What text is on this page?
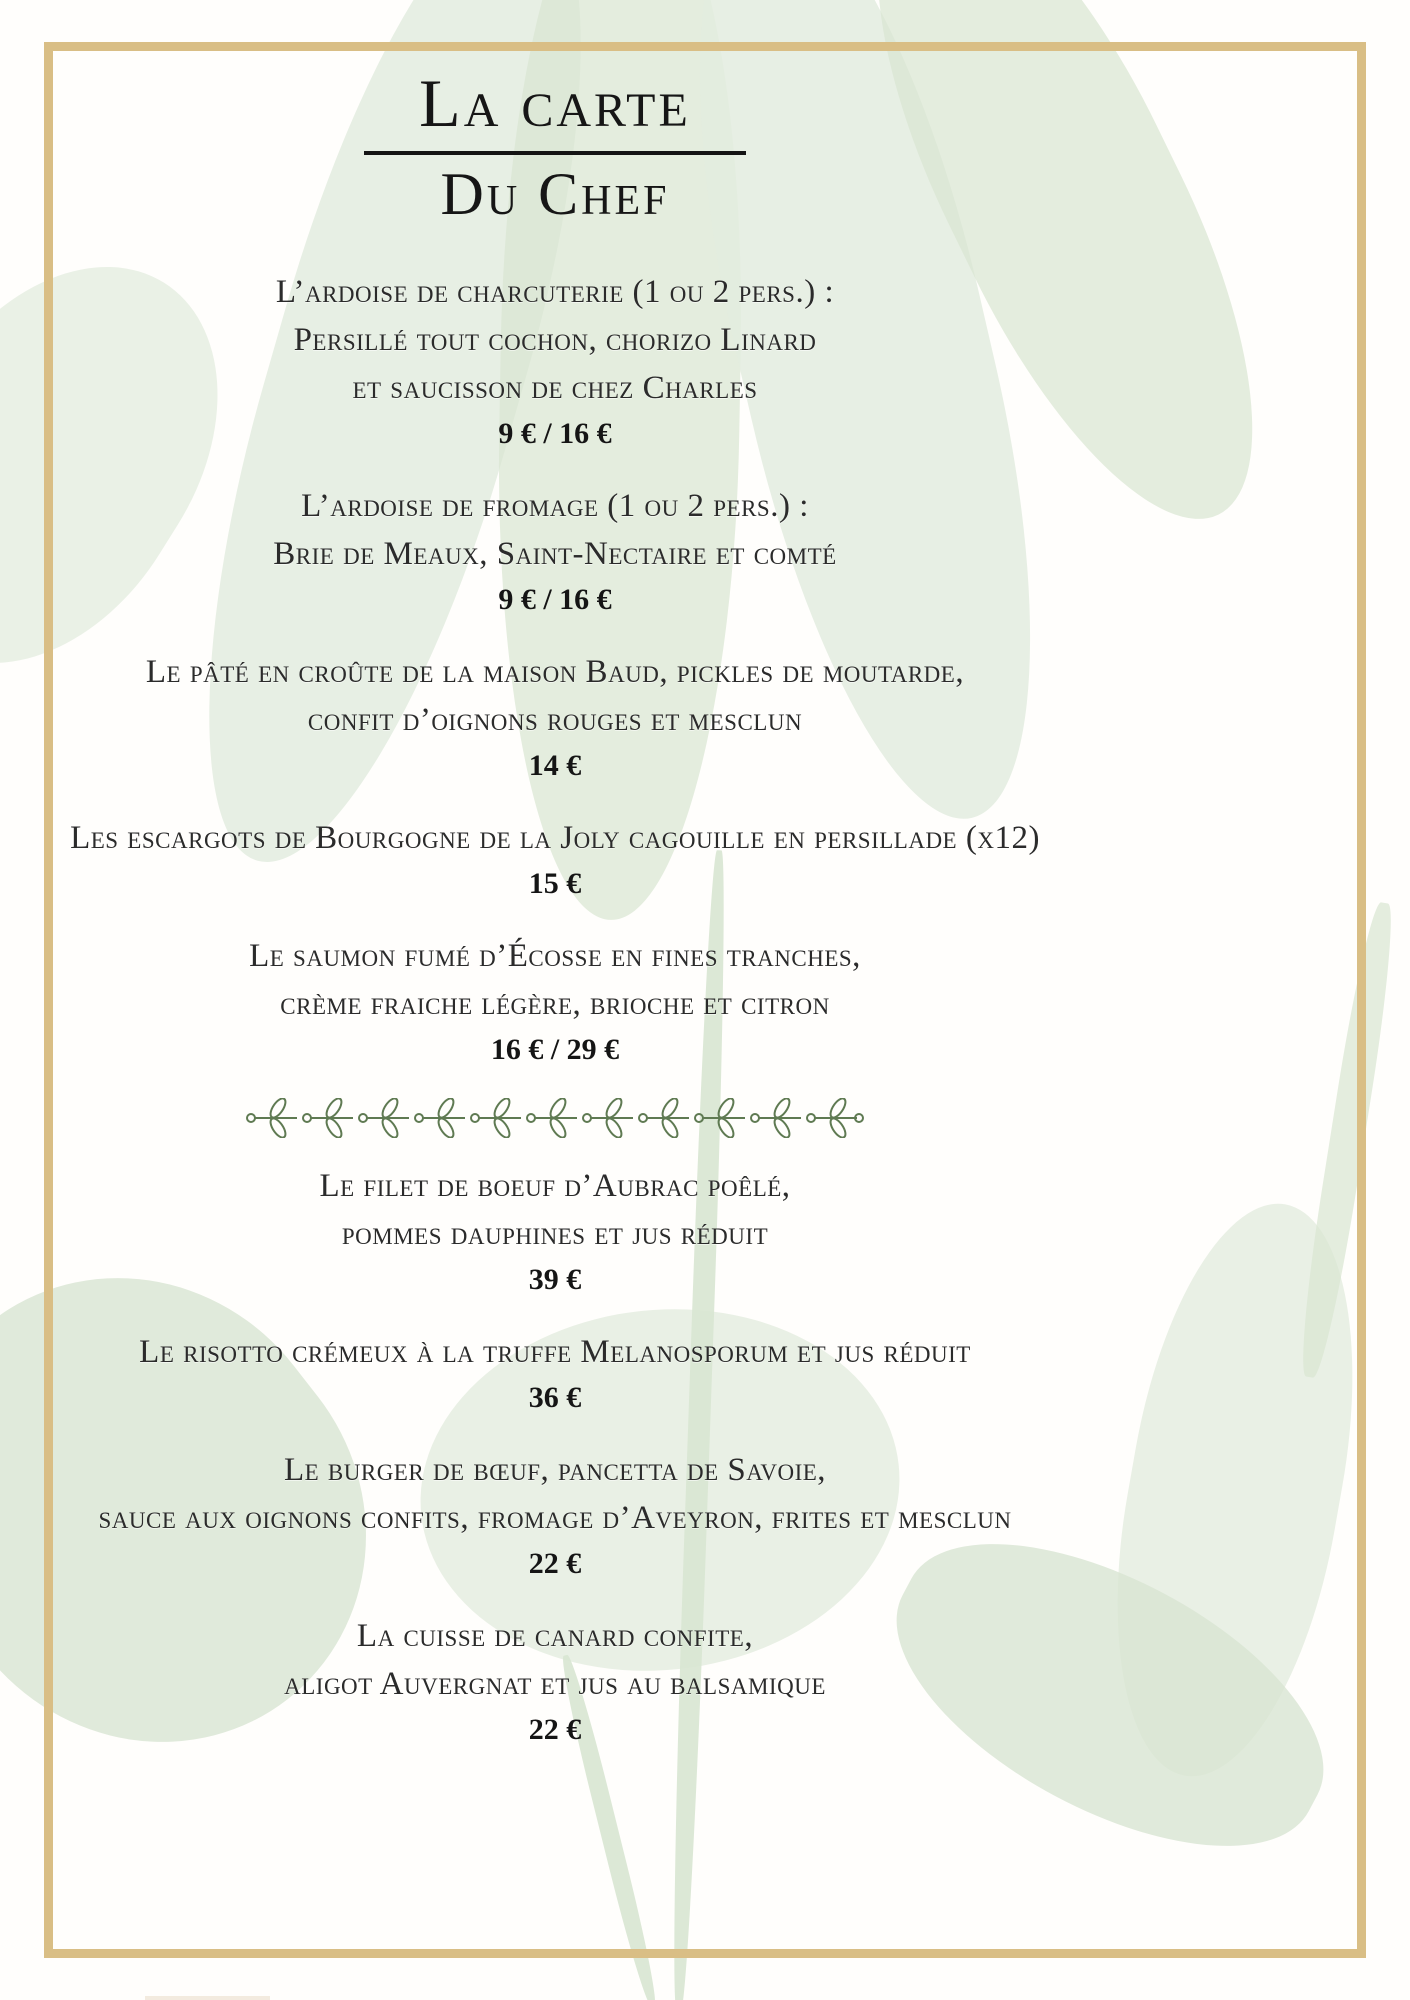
La carte
Du Chef

L’ardoise de charcuterie (1 ou 2 pers.) :

Persillé tout cochon, chorizo Linard

et saucisson de chez Charles

9 € / 16 €

L’ardoise de fromage (1 ou 2 pers.) :

Brie de Meaux, Saint-Nectaire et comté

9 € / 16 €

Le pâté en croûte de la maison Baud, pickles de moutarde,

confit d’oignons rouges et mesclun

14 €

Les escargots de Bourgogne de la Joly cagouille en persillade (x12)

15 €

Le saumon fumé d’Écosse en fines tranches,

crème fraiche légère, brioche et citron

16 € / 29 €

Le filet de boeuf d’Aubrac poêlé,

pommes dauphines et jus réduit

39 €

Le risotto crémeux à la truffe Melanosporum et jus réduit

36 €

Le burger de bœuf, pancetta de Savoie,

sauce aux oignons confits, fromage d’Aveyron, frites et mesclun

22 €

La cuisse de canard confite,

aligot Auvergnat et jus au balsamique

22 €
